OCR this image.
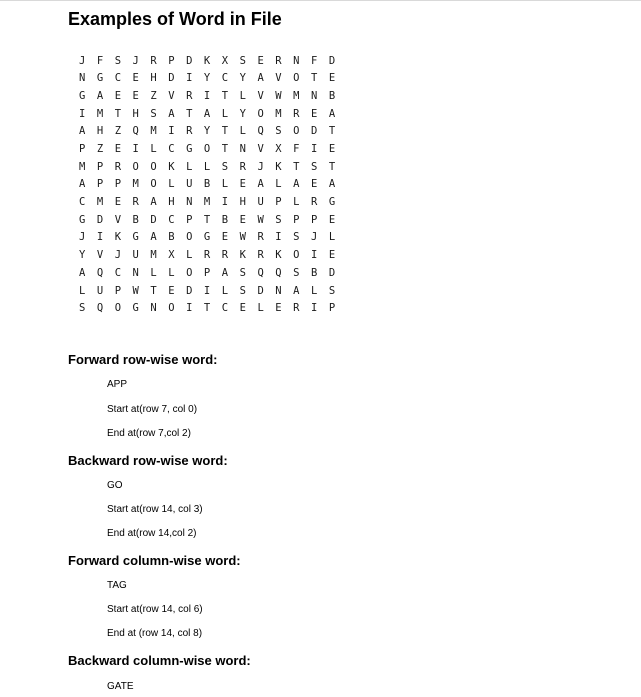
Examples of Word in File
J	F	S	J	R	P	D	K	X	S	E	R	N	F	D
N	G	C	E	H	D	I	Y	C	Y	A	V	O	T	E
G	A	E	E	Z	V	R	I	T	L	V	W	M	N	B
I	M	T	H	S	A	T	A	L	Y	O	M	R	E	A
A	H	Z	Q	M	I	R	Y	T	L	Q	S	O	D	T
P	Z	E	I	L	C	G	O	T	N	V	X	F	I	E
M	P	R	O	O	K	L	L	S	R	J	K	T	S	T
A	P	P	M	O	L	U	B	L	E	A	L	A	E	A
C	M	E	R	A	H	N	M	I	H	U	P	L	R	G
G	D	V	B	D	C	P	T	B	E	W	S	P	P	E
J	I	K	G	A	B	O	G	E	W	R	I	S	J	L
Y	V	J	U	M	X	L	R	R	K	R	K	O	I	E
A	Q	C	N	L	L	O	P	A	S	Q	Q	S	B	D
L	U	P	W	T	E	D	I	L	S	D	N	A	L	S
S	Q	O	G	N	O	I	T	C	E	L	E	R	I	P
Forward row-wise word:
APP
Start at(row 7, col 0)
End at(row 7,col 2)
Backward row-wise word:
GO
Start at(row 14, col 3)
End at(row 14,col 2)
Forward column-wise word:
TAG
Start at(row 14, col 6)
End at (row 14, col 8)
Backward column-wise word:
GATE
